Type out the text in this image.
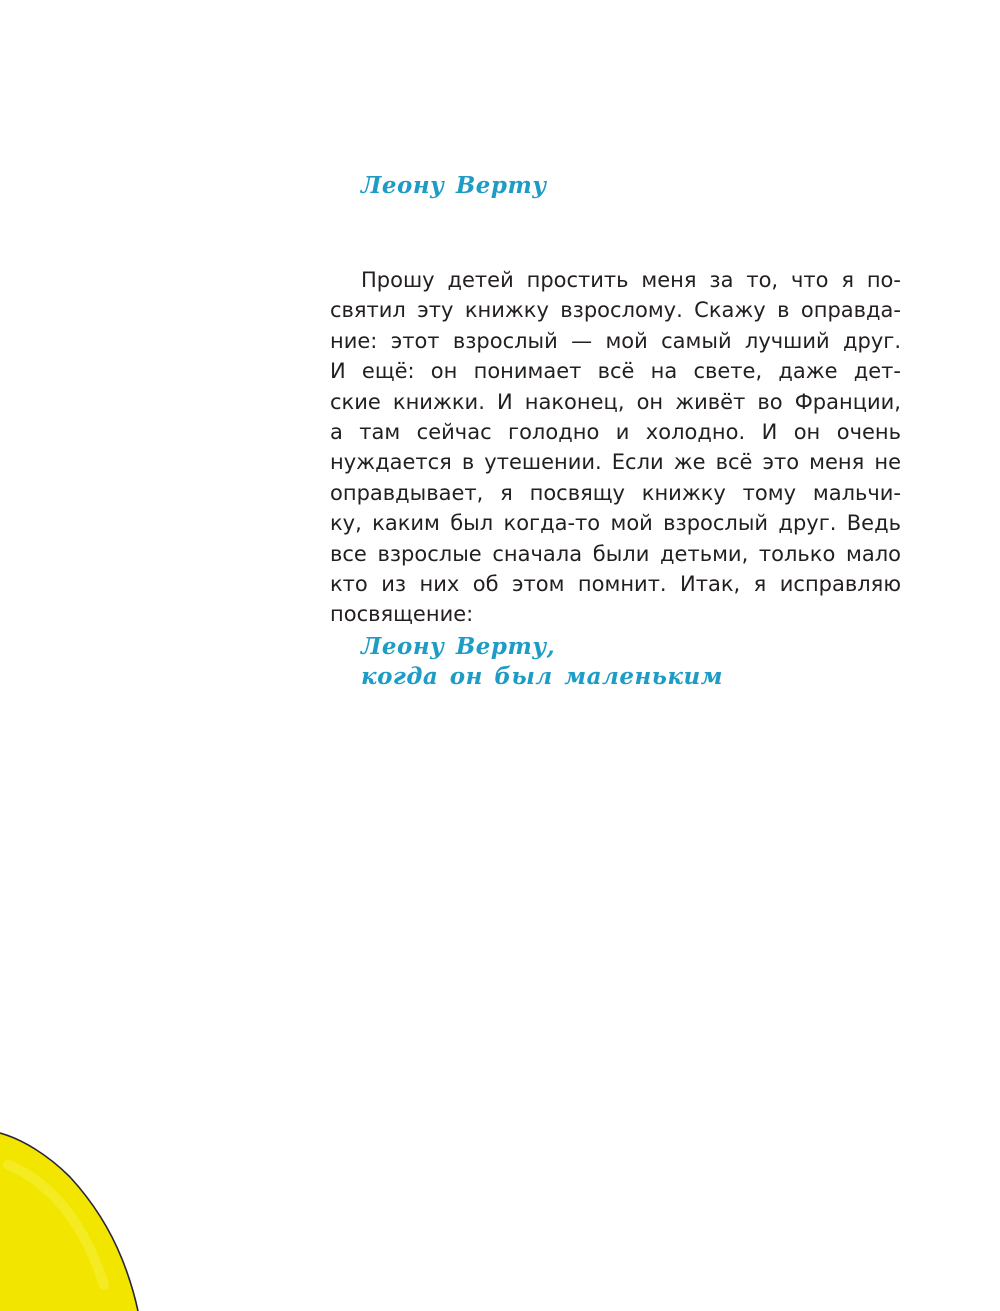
Леону Верту

Прошу детей простить меня за то, что я по-
святил эту книжку взрослому. Скажу в оправда-
ние: этот взрослый — мой самый лучший друг.
И ещё: он понимает всё на свете, даже дет-
ские книжки. И наконец, он живёт во Франции,
а там сейчас голодно и холодно. И он очень
нуждается в утешении. Если же всё это меня не
оправдывает, я посвящу книжку тому мальчи-
ку, каким был когда-то мой взрослый друг. Ведь
все взрослые сначала были детьми, только мало
кто из них об этом помнит. Итак, я исправляю
посвящение:

Леону Верту,
когда он был маленьким
